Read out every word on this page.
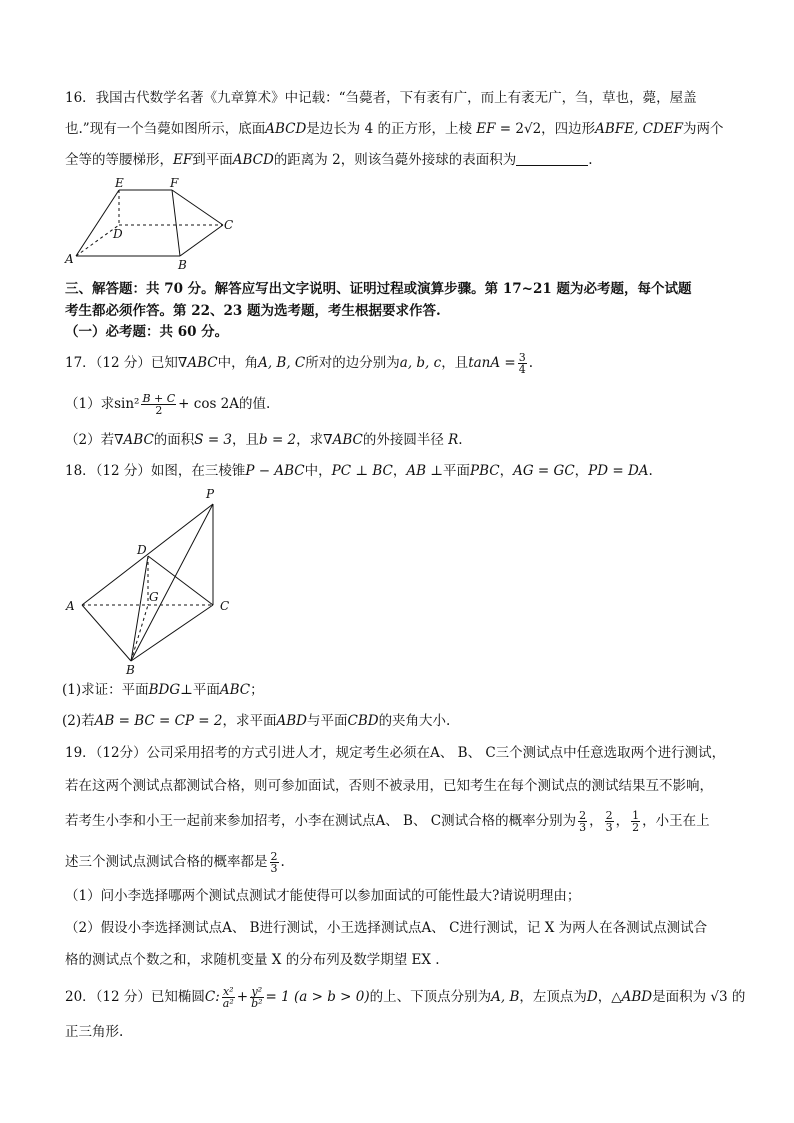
16．我国古代数学名著《九章算术》中记载：“刍薨者，下有袤有广，而上有袤无广，刍，草也，薨，屋盖
也.”现有一个刍薨如图所示，底面ABCD是边长为 4 的正方形，上棱 EF = 2√2，四边形ABFE, CDEF为两个
全等的等腰梯形，EF到平面ABCD的距离为 2，则该刍薨外接球的表面积为	.
E	F
D
C
A	B
三、解答题：共 70 分。解答应写出文字说明、证明过程或演算步骤。第 17~21 题为必考题，每个试题
考生都必须作答。第 22、23 题为选考题，考生根据要求作答.
（一）必考题：共 60 分。
17．（12 分）已知∇ABC中，角A, B, C所对的边分别为a, b, c，且$\tan A = \frac{3}{4}$ .
（1）求$\sin^2 \frac{B + C}{2} + \cos 2A$的值.
（2）若∇ABC的面积S = 3，且b = 2，求∇ABC的外接圆半径 R.
18．（12 分）如图，在三棱锥P − ABC中，PC ⊥ BC，AB ⊥平面PBC，AG = GC，PD = DA.
P
D
G
A	C
B
(1)求证：平面BDG⊥平面ABC；
(2)若AB = BC = CP = 2，求平面ABD与平面CBD的夹角大小.
19．（12分）公司采用招考的方式引进人才，规定考生必须在A、 B、 C三个测试点中任意选取两个进行测试，
若在这两个测试点都测试合格，则可参加面试，否则不被录用，已知考生在每个测试点的测试结果互不影响，
若考生小李和小王一起前来参加招考，小李在测试点A、 B、 C测试合格的概率分别为 $\frac{2}{3}$ ， $\frac{2}{3}$ ， $\frac{1}{2}$ ，小王在上
述三个测试点测试合格的概率都是 $\frac{2}{3}$ .
（1）问小李选择哪两个测试点测试才能使得可以参加面试的可能性最大?请说明理由；
（2）假设小李选择测试点A、 B进行测试，小王选择测试点A、 C进行测试，记 X 为两人在各测试点测试合
格的测试点个数之和，求随机变量 X 的分布列及数学期望 EX .
20．（12 分）已知椭圆C: $\frac{\text{x²}}{\text{a²}} + \frac{\text{y²}}{\text{b²}} = 1$ (a > b > 0)的上、下顶点分别为A, B，左顶点为D，△ABD是面积为 √3 的
正三角形.
